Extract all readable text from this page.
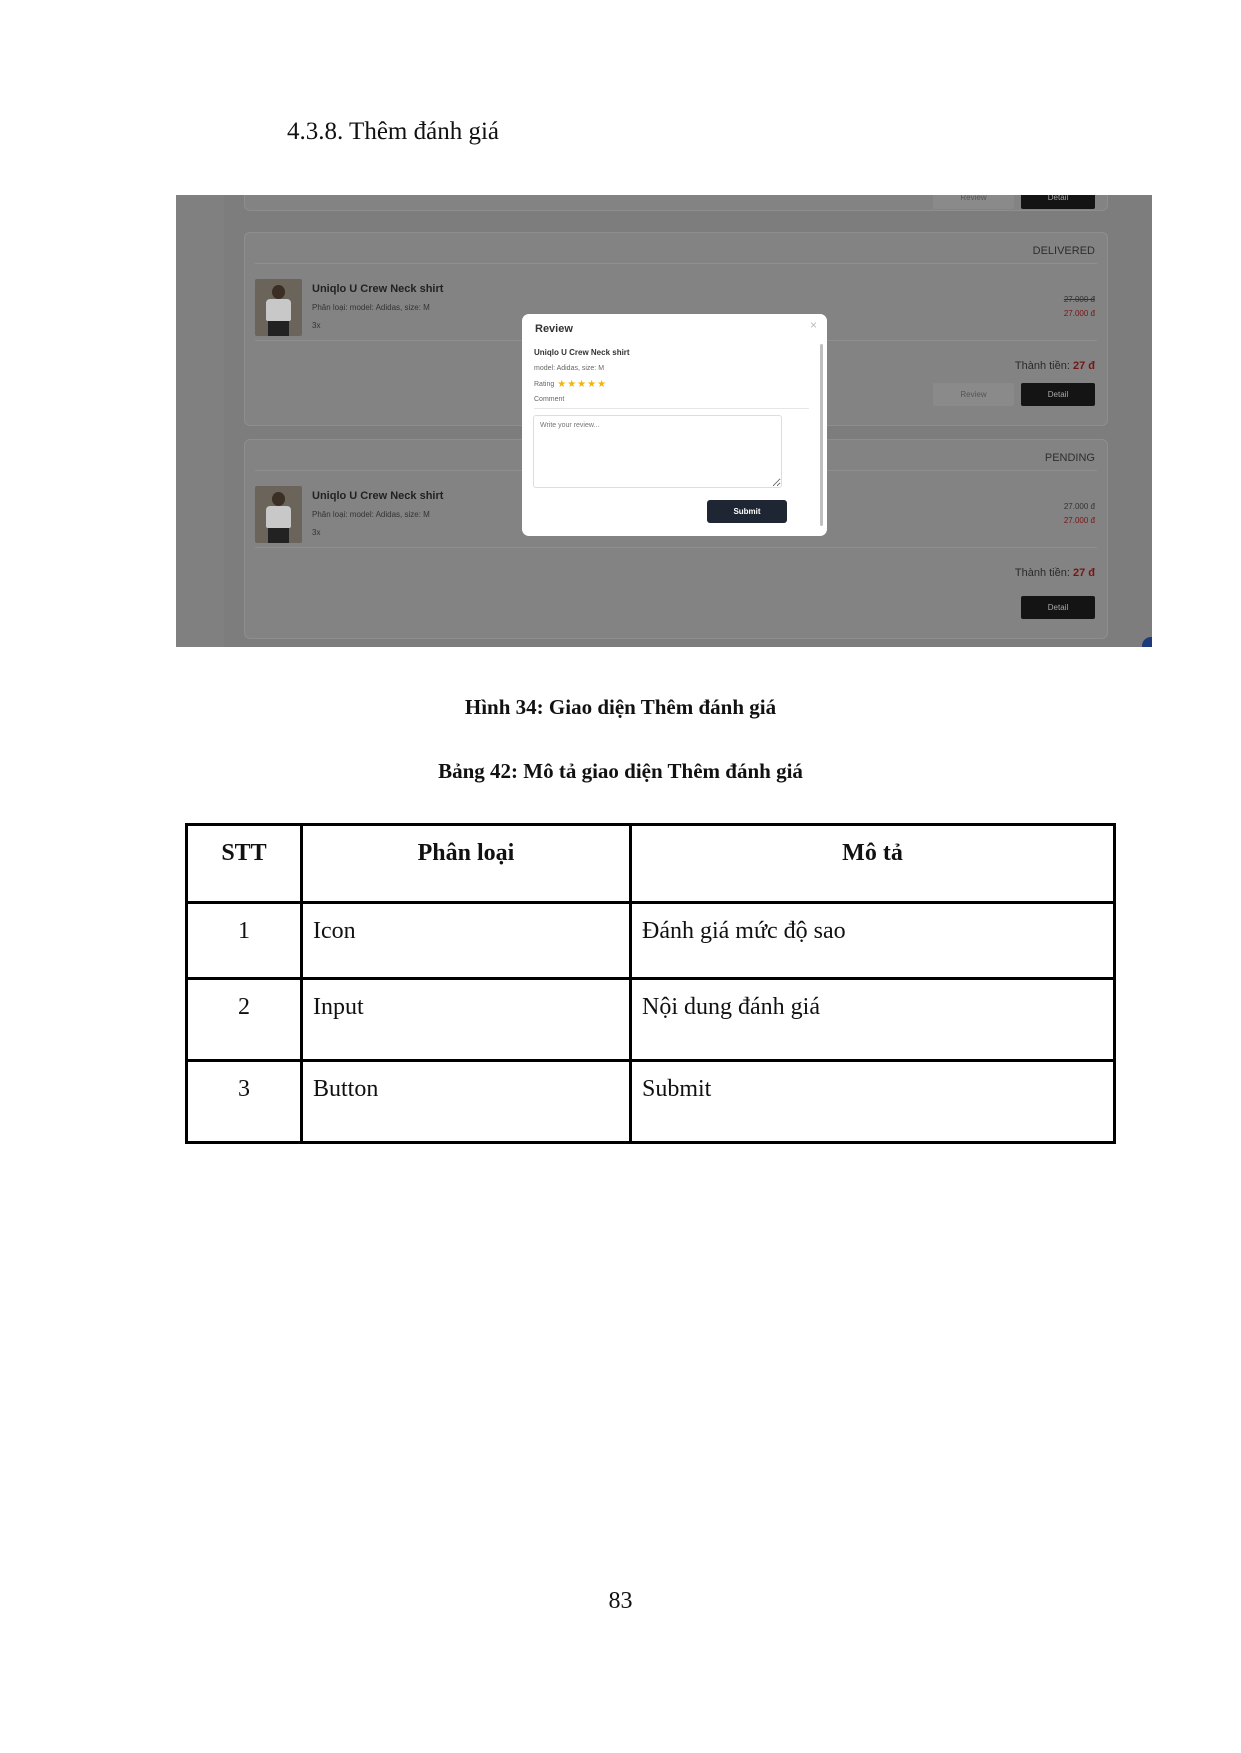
4.3.8. Thêm đánh giá
Review	Detail
DELIVERED
Uniqlo U Crew Neck shirt
Phân loại: model: Adidas, size: M
3x
27.000 đ
27.000 đ
Thành tiền: 27 đ
Review	Detail
PENDING
Uniqlo U Crew Neck shirt
Phân loại: model: Adidas, size: M
3x
27.000 đ
27.000 đ
Thành tiền: 27 đ
Detail
Review	×
Uniqlo U Crew Neck shirt
model: Adidas, size: M
Rating ★ ★ ★ ★ ★
Comment
Write your review...
Submit
Hình 34: Giao diện Thêm đánh giá
Bảng 42: Mô tả giao diện Thêm đánh giá
STT	Phân loại	Mô tả
1	Icon	Đánh giá mức độ sao
2	Input	Nội dung đánh giá
3	Button	Submit
83
